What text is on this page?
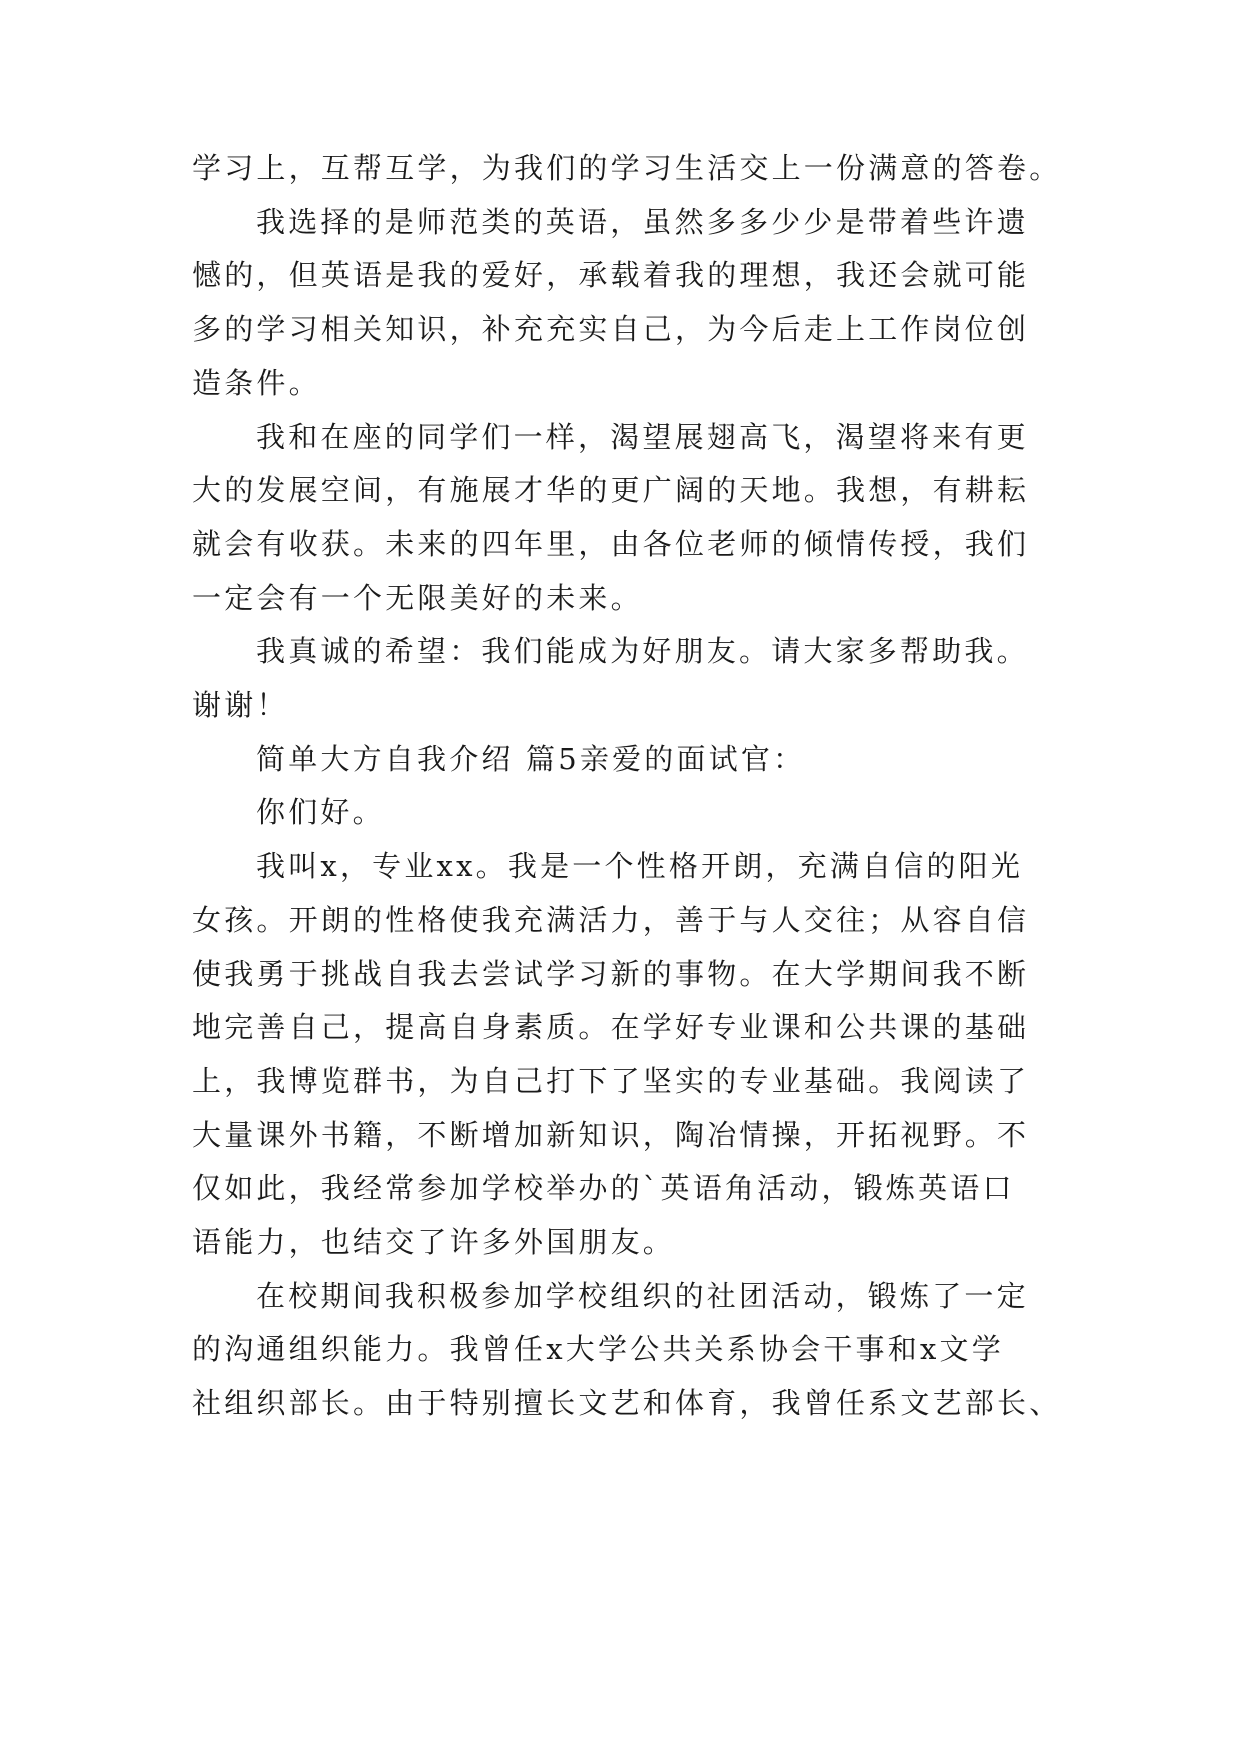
学习上，互帮互学，为我们的学习生活交上一份满意的答卷。
我选择的是师范类的英语，虽然多多少少是带着些许遗
憾的，但英语是我的爱好，承载着我的理想，我还会就可能
多的学习相关知识，补充充实自己，为今后走上工作岗位创
造条件。
我和在座的同学们一样，渴望展翅高飞，渴望将来有更
大的发展空间，有施展才华的更广阔的天地。我想，有耕耘
就会有收获。未来的四年里，由各位老师的倾情传授，我们
一定会有一个无限美好的未来。
我真诚的希望：我们能成为好朋友。请大家多帮助我。
谢谢！
简单大方自我介绍 篇5亲爱的面试官：
你们好。
我叫x，专业xx。我是一个性格开朗，充满自信的阳光
女孩。开朗的性格使我充满活力，善于与人交往；从容自信
使我勇于挑战自我去尝试学习新的事物。在大学期间我不断
地完善自己，提高自身素质。在学好专业课和公共课的基础
上，我博览群书，为自己打下了坚实的专业基础。我阅读了
大量课外书籍，不断增加新知识，陶冶情操，开拓视野。不
仅如此，我经常参加学校举办的`英语角活动，锻炼英语口
语能力，也结交了许多外国朋友。
在校期间我积极参加学校组织的社团活动，锻炼了一定
的沟通组织能力。我曾任x大学公共关系协会干事和x文学
社组织部长。由于特别擅长文艺和体育，我曾任系文艺部长、
